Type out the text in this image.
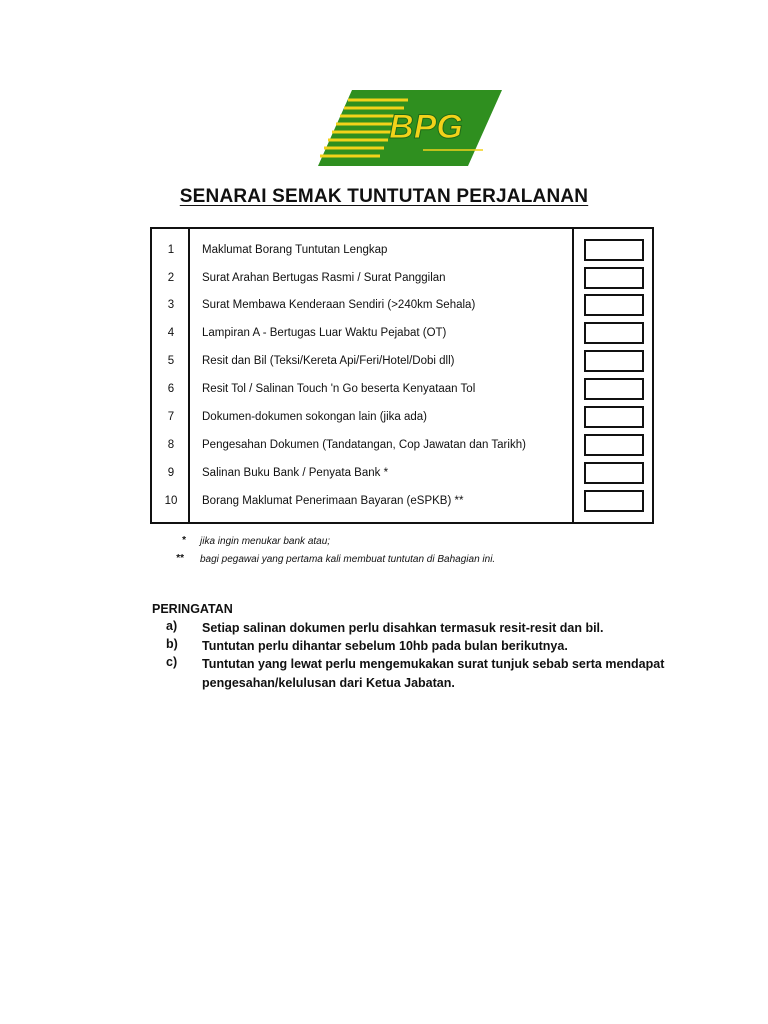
BPG
SENARAI SEMAK TUNTUTAN PERJALANAN
1	Maklumat Borang Tuntutan Lengkap
2	Surat Arahan Bertugas Rasmi / Surat Panggilan
3	Surat Membawa Kenderaan Sendiri (>240km Sehala)
4	Lampiran A - Bertugas Luar Waktu Pejabat (OT)
5	Resit dan Bil (Teksi/Kereta Api/Feri/Hotel/Dobi dll)
6	Resit Tol / Salinan Touch 'n Go beserta Kenyataan Tol
7	Dokumen-dokumen sokongan lain (jika ada)
8	Pengesahan Dokumen (Tandatangan, Cop Jawatan dan Tarikh)
9	Salinan Buku Bank / Penyata Bank *
10	Borang Maklumat Penerimaan Bayaran (eSPKB) **
* jika ingin menukar bank atau;
** bagi pegawai yang pertama kali membuat tuntutan di Bahagian ini.
PERINGATAN
a) Setiap salinan dokumen perlu disahkan termasuk resit-resit dan bil.
b) Tuntutan perlu dihantar sebelum 10hb pada bulan berikutnya.
c) Tuntutan yang lewat perlu mengemukakan surat tunjuk sebab serta mendapat
pengesahan/kelulusan dari Ketua Jabatan.
